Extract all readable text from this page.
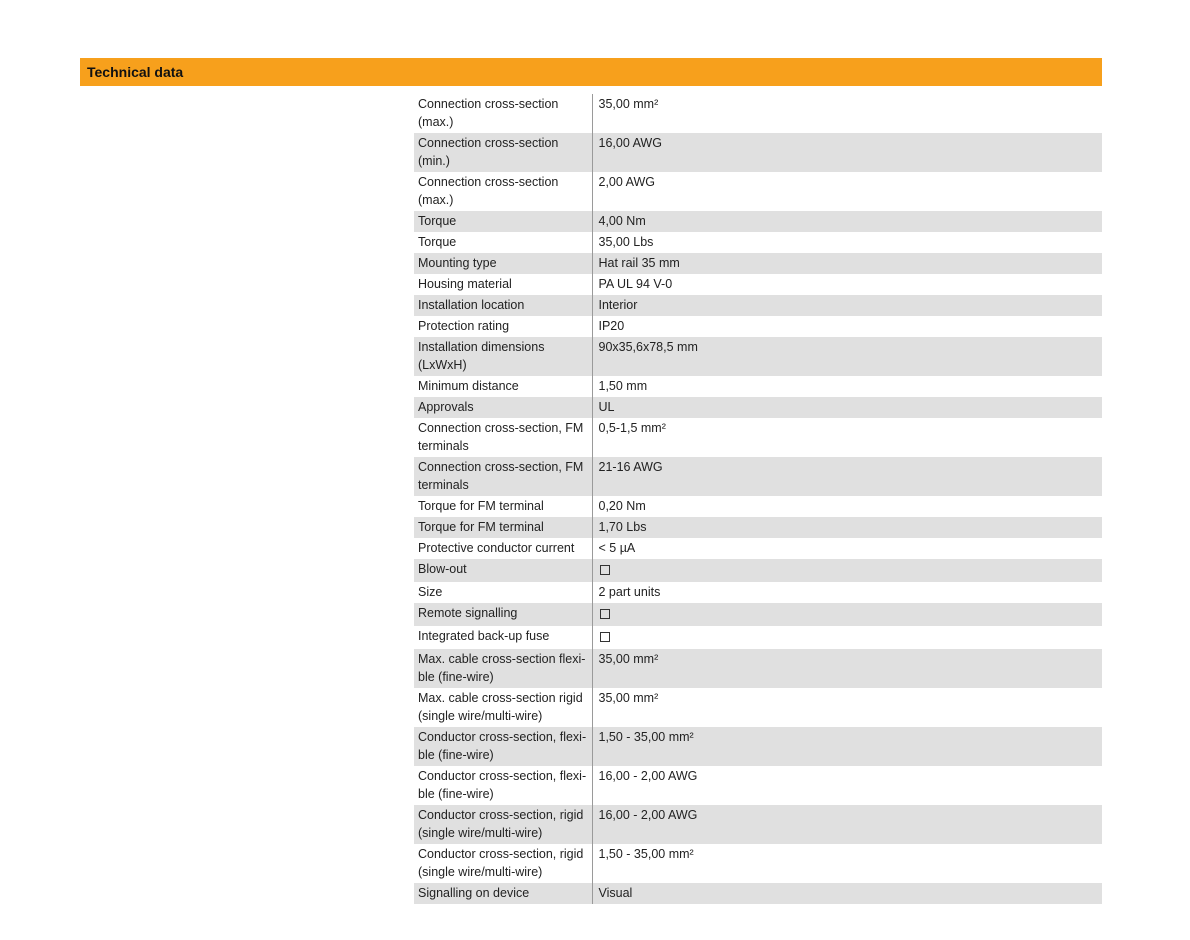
Technical data
Connection cross-section (max.)	35,00 mm²
Connection cross-section (min.)	16,00 AWG
Connection cross-section (max.)	2,00 AWG
Torque	4,00 Nm
Torque	35,00 Lbs
Mounting type	Hat rail 35 mm
Housing material	PA UL 94 V-0
Installation location	Interior
Protection rating	IP20
Installation dimensions (LxWxH)	90x35,6x78,5 mm
Minimum distance	1,50 mm
Approvals	UL
Connection cross-section, FM terminals	0,5-1,5 mm²
Connection cross-section, FM terminals	21-16 AWG
Torque for FM terminal	0,20 Nm
Torque for FM terminal	1,70 Lbs
Protective conductor current	< 5 µA
Blow-out	
Size	2 part units
Remote signalling	
Integrated back-up fuse	
Max. cable cross-section flexi-ble (fine-wire)	35,00 mm²
Max. cable cross-section rigid (single wire/multi-wire)	35,00 mm²
Conductor cross-section, flexi-ble (fine-wire)	1,50 - 35,00 mm²
Conductor cross-section, flexi-ble (fine-wire)	16,00 - 2,00 AWG
Conductor cross-section, rigid (single wire/multi-wire)	16,00 - 2,00 AWG
Conductor cross-section, rigid (single wire/multi-wire)	1,50 - 35,00 mm²
Signalling on device	Visual
